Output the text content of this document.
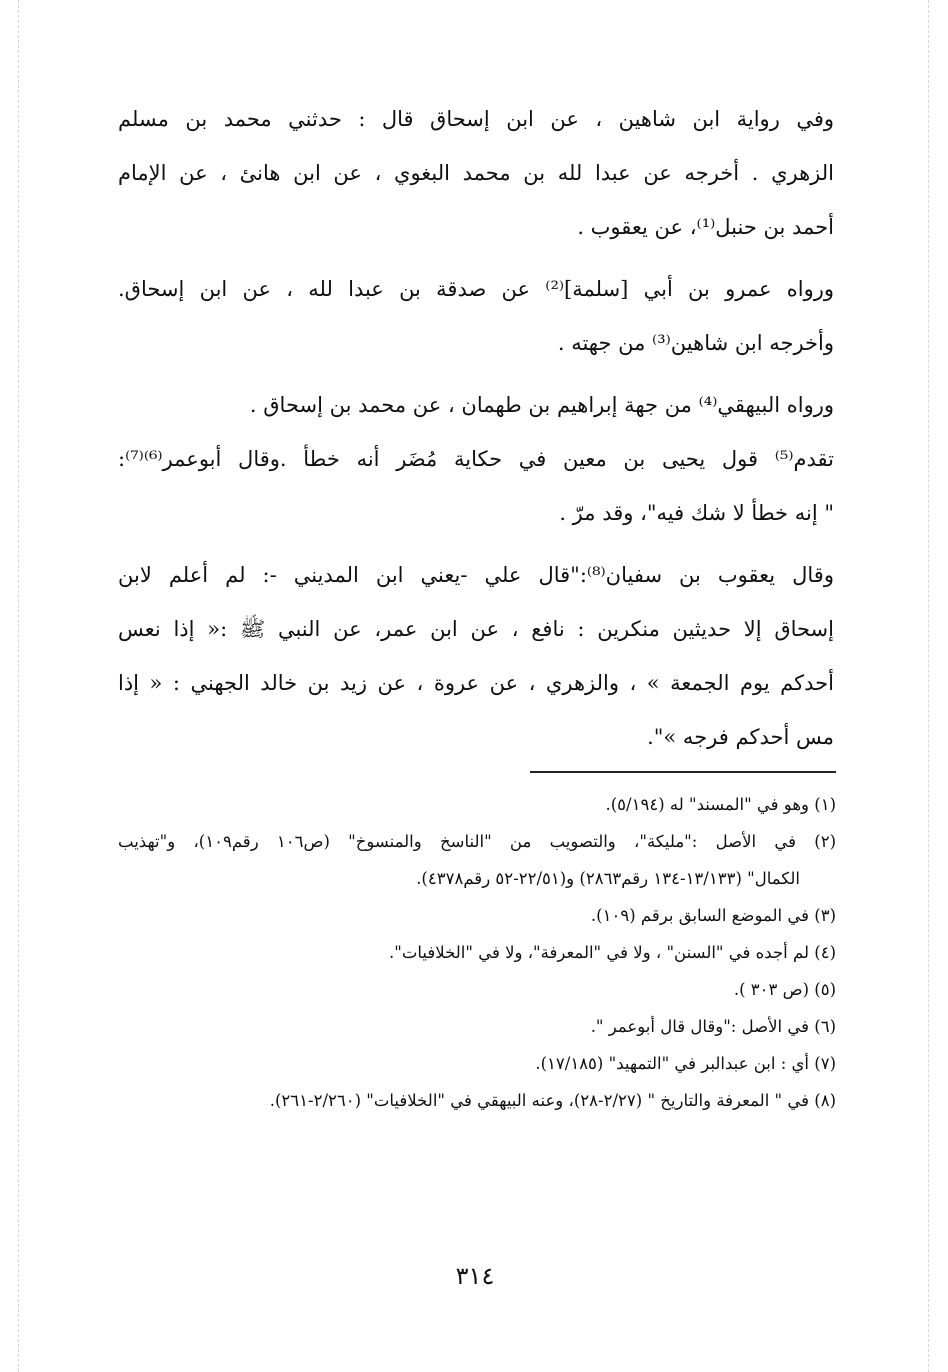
وفي رواية ابن شاهين ، عن ابن إسحاق قال : حدثني محمد بن مسلم
الزهري . أخرجه عن عبدا لله بن محمد البغوي ، عن ابن هانئ ، عن الإمام
أحمد بن حنبل⁽¹⁾، عن يعقوب .
ورواه عمرو بن أبي [سلمة]⁽²⁾ عن صدقة بن عبدا لله ، عن ابن إسحاق.
وأخرجه ابن شاهين⁽³⁾ من جهته .
ورواه البيهقي⁽⁴⁾ من جهة إبراهيم بن طهمان ، عن محمد بن إسحاق .
تقدم⁽⁵⁾ قول يحيى بن معين في حكاية مُضَر أنه خطأ .وقال أبوعمر⁽⁶⁾⁽⁷⁾:
" إنه خطأ لا شك فيه"، وقد مرّ .
وقال يعقوب بن سفيان⁽⁸⁾:"قال علي -يعني ابن المديني -: لم أعلم لابن
إسحاق إلا حديثين منكرين : نافع ، عن ابن عمر، عن النبي ﷺ :« إذا نعس
أحدكم يوم الجمعة » ، والزهري ، عن عروة ، عن زيد بن خالد الجهني : « إذا
مس أحدكم فرجه »".
(١) وهو في "المسند" له (٥/١٩٤).
(٢) في الأصل :"مليكة"، والتصويب من "الناسخ والمنسوخ" (ص١٠٦ رقم١٠٩)، و"تهذيب
الكمال" (١٣/١٣٣-١٣٤ رقم٢٨٦٣) و(٢٢/٥١-٥٢ رقم٤٣٧٨).
(٣) في الموضع السابق برقم (١٠٩).
(٤) لم أجده في "السنن" ، ولا في "المعرفة"، ولا في "الخلافيات".
(٥) (ص ٣٠٣ ).
(٦) في الأصل :"وقال قال أبوعمر ".
(٧) أي : ابن عبدالبر في "التمهيد" (١٧/١٨٥).
(٨) في " المعرفة والتاريخ " (٢/٢٧-٢٨)، وعنه البيهقي في "الخلافيات" (٢/٢٦٠-٢٦١).
٣١٤
